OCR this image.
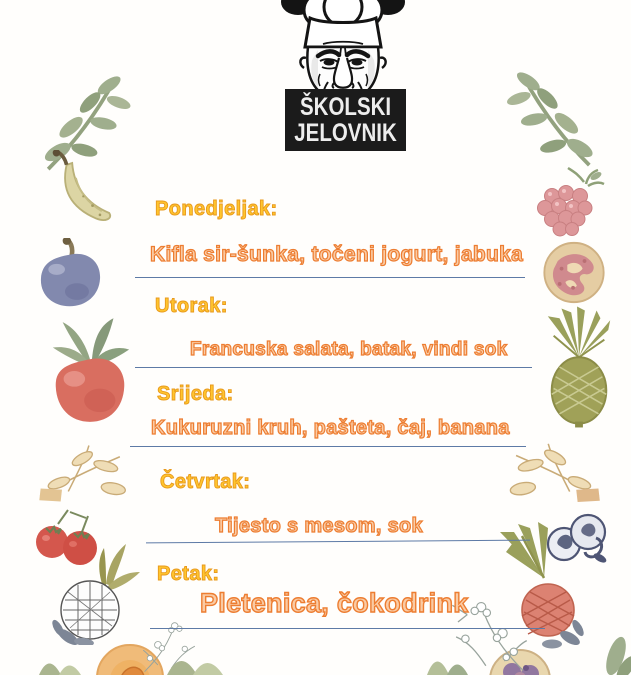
ŠKOLSKI
JELOVNIK
Ponedjeljak:
Kifla sir-šunka, točeni jogurt, jabuka
Utorak:
Francuska salata, batak, vindi sok
Srijeda:
Kukuruzni kruh, pašteta, čaj, banana
Četvrtak:
Tijesto s mesom, sok
Petak:
Pletenica, čokodrink
